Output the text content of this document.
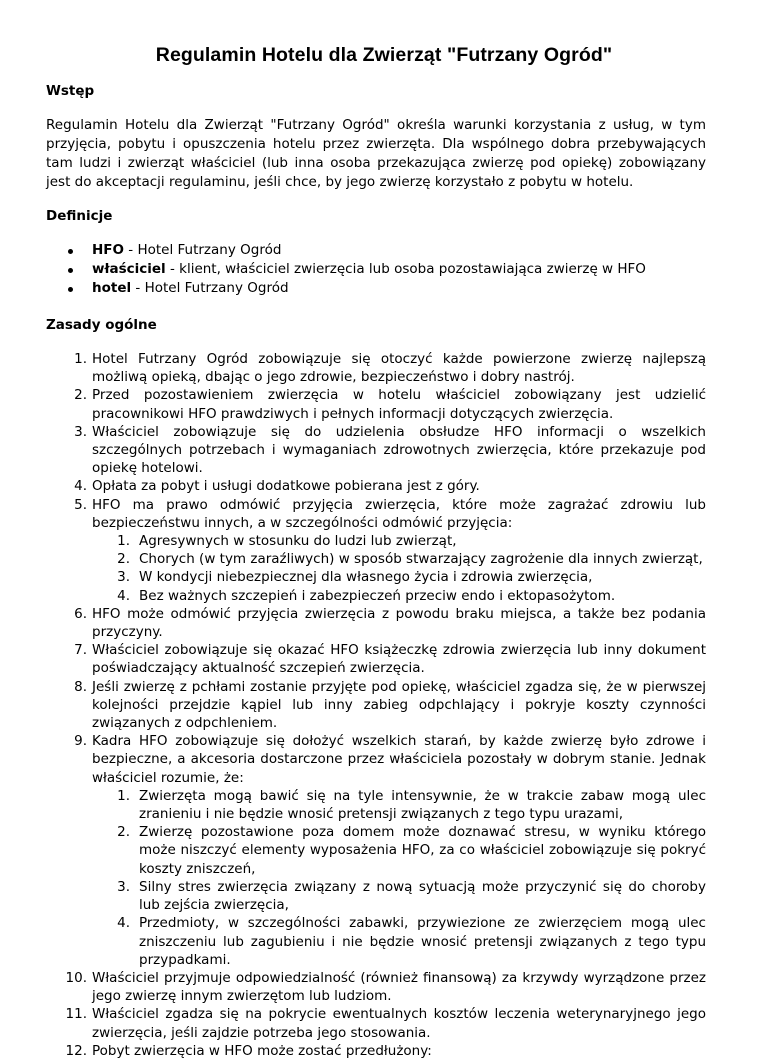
Regulamin Hotelu dla Zwierząt "Futrzany Ogród"
Wstęp

Regulamin Hotelu dla Zwierząt "Futrzany Ogród" określa warunki korzystania z usług, w tym przyjęcia, pobytu i opuszczenia hotelu przez zwierzęta. Dla wspólnego dobra przebywających tam ludzi i zwierząt właściciel (lub inna osoba przekazująca zwierzę pod opiekę) zobowiązany jest do akceptacji regulaminu, jeśli chce, by jego zwierzę korzystało z pobytu w hotelu.

Definicje
HFO - Hotel Futrzany Ogród
właściciel - klient, właściciel zwierzęcia lub osoba pozostawiająca zwierzę w HFO
hotel - Hotel Futrzany Ogród
Zasady ogólne
1. Hotel Futrzany Ogród zobowiązuje się otoczyć każde powierzone zwierzę najlepszą możliwą opieką, dbając o jego zdrowie, bezpieczeństwo i dobry nastrój.
2. Przed pozostawieniem zwierzęcia w hotelu właściciel zobowiązany jest udzielić pracownikowi HFO prawdziwych i pełnych informacji dotyczących zwierzęcia.
3. Właściciel zobowiązuje się do udzielenia obsłudze HFO informacji o wszelkich szczególnych potrzebach i wymaganiach zdrowotnych zwierzęcia, które przekazuje pod opiekę hotelowi.
4. Opłata za pobyt i usługi dodatkowe pobierana jest z góry.
5. HFO ma prawo odmówić przyjęcia zwierzęcia, które może zagrażać zdrowiu lub bezpieczeństwu innych, a w szczególności odmówić przyjęcia:
1. Agresywnych w stosunku do ludzi lub zwierząt,
2. Chorych (w tym zaraźliwych) w sposób stwarzający zagrożenie dla innych zwierząt,
3. W kondycji niebezpiecznej dla własnego życia i zdrowia zwierzęcia,
4. Bez ważnych szczepień i zabezpieczeń przeciw endo i ektopasożytom.
6. HFO może odmówić przyjęcia zwierzęcia z powodu braku miejsca, a także bez podania przyczyny.
7. Właściciel zobowiązuje się okazać HFO książeczkę zdrowia zwierzęcia lub inny dokument poświadczający aktualność szczepień zwierzęcia.
8. Jeśli zwierzę z pchłami zostanie przyjęte pod opiekę, właściciel zgadza się, że w pierwszej kolejności przejdzie kąpiel lub inny zabieg odpchlający i pokryje koszty czynności związanych z odpchleniem.
9. Kadra HFO zobowiązuje się dołożyć wszelkich starań, by każde zwierzę było zdrowe i bezpieczne, a akcesoria dostarczone przez właściciela pozostały w dobrym stanie. Jednak właściciel rozumie, że:
1. Zwierzęta mogą bawić się na tyle intensywnie, że w trakcie zabaw mogą ulec zranieniu i nie będzie wnosić pretensji związanych z tego typu urazami,
2. Zwierzę pozostawione poza domem może doznawać stresu, w wyniku którego może niszczyć elementy wyposażenia HFO, za co właściciel zobowiązuje się pokryć koszty zniszczeń,
3. Silny stres zwierzęcia związany z nową sytuacją może przyczynić się do choroby lub zejścia zwierzęcia,
4. Przedmioty, w szczególności zabawki, przywiezione ze zwierzęciem mogą ulec zniszczeniu lub zagubieniu i nie będzie wnosić pretensji związanych z tego typu przypadkami.
10. Właściciel przyjmuje odpowiedzialność (również finansową) za krzywdy wyrządzone przez jego zwierzę innym zwierzętom lub ludziom.
11. Właściciel zgadza się na pokrycie ewentualnych kosztów leczenia weterynaryjnego jego zwierzęcia, jeśli zajdzie potrzeba jego stosowania.
12. Pobyt zwierzęcia w HFO może zostać przedłużony:
